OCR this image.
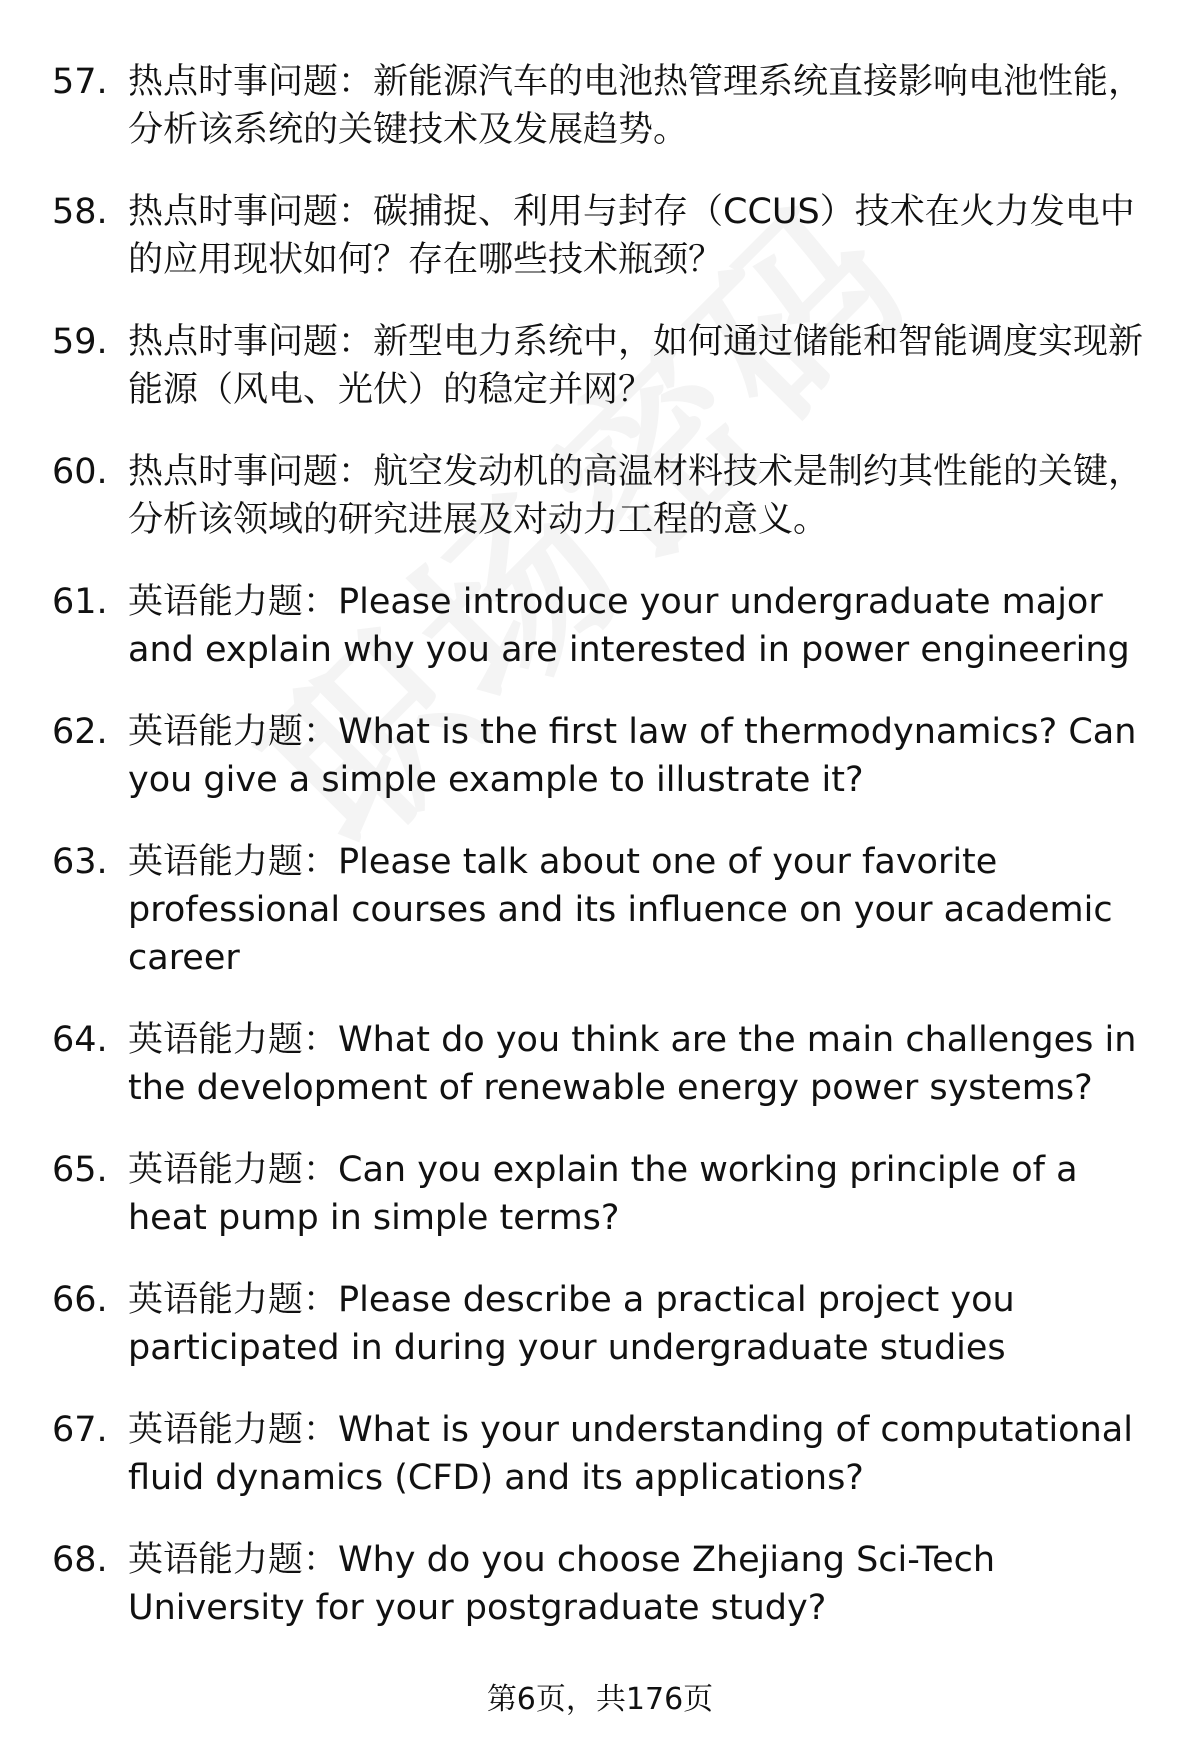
57. 热点时事问题：新能源汽车的电池热管理系统直接影响电池性能，分析该系统的关键技术及发展趋势。
58. 热点时事问题：碳捕捉、利用与封存（CCUS）技术在火力发电中的应用现状如何？存在哪些技术瓶颈？
59. 热点时事问题：新型电力系统中，如何通过储能和智能调度实现新能源（风电、光伏）的稳定并网？
60. 热点时事问题：航空发动机的高温材料技术是制约其性能的关键，分析该领域的研究进展及对动力工程的意义。
61. 英语能力题：Please introduce your undergraduate major and explain why you are interested in power engineering
62. 英语能力题：What is the first law of thermodynamics? Can you give a simple example to illustrate it?
63. 英语能力题：Please talk about one of your favorite professional courses and its influence on your academic career
64. 英语能力题：What do you think are the main challenges in the development of renewable energy power systems?
65. 英语能力题：Can you explain the working principle of a heat pump in simple terms?
66. 英语能力题：Please describe a practical project you participated in during your undergraduate studies
67. 英语能力题：What is your understanding of computational fluid dynamics (CFD) and its applications?
68. 英语能力题：Why do you choose Zhejiang Sci-Tech University for your postgraduate study?
第6页，共176页
